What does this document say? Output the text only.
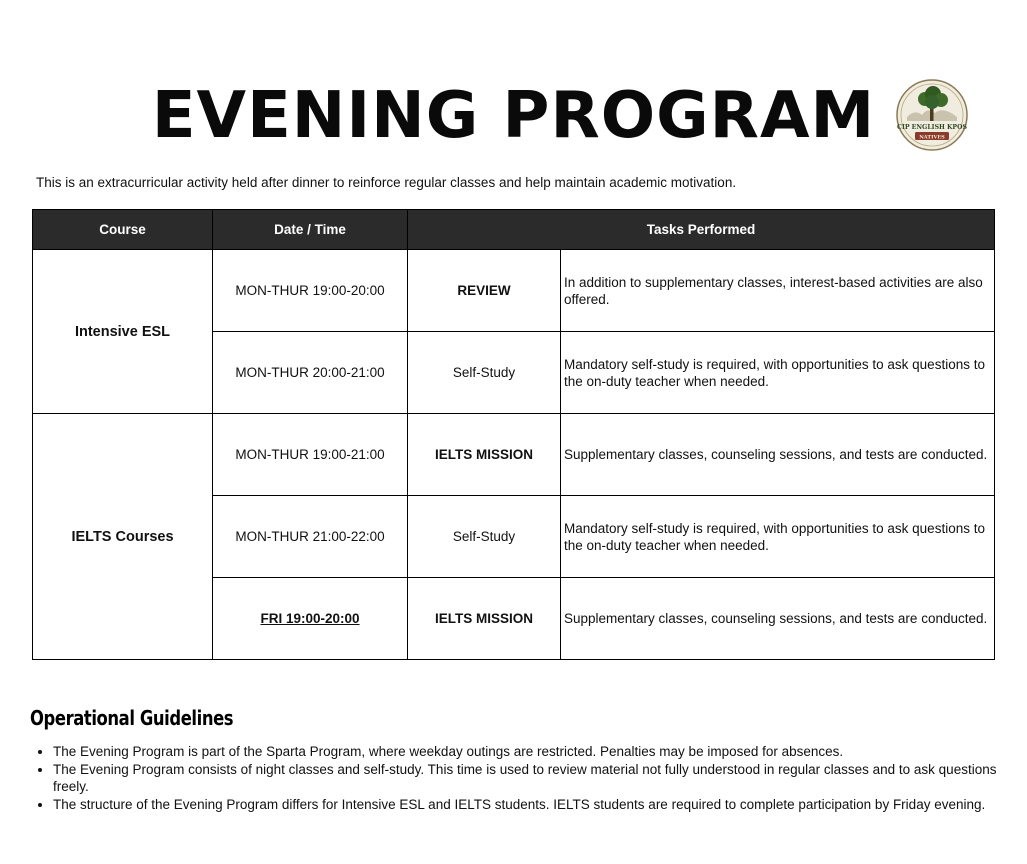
EVENING PROGRAM	CIP ENGLISH KPOS
NATIVES
This is an extracurricular activity held after dinner to reinforce regular classes and help maintain academic motivation.
Course	Date / Time	Tasks Performed	
Intensive ESL	MON-THUR 19:00-20:00	REVIEW	In addition to supplementary classes, interest-based activities are also offered.
	MON-THUR 20:00-21:00	Self-Study	Mandatory self-study is required, with opportunities to ask questions to the on-duty teacher when needed.
IELTS Courses	MON-THUR 19:00-21:00	IELTS MISSION	Supplementary classes, counseling sessions, and tests are conducted.
	MON-THUR 21:00-22:00	Self-Study	Mandatory self-study is required, with opportunities to ask questions to the on-duty teacher when needed.
	FRI 19:00-20:00	IELTS MISSION	Supplementary classes, counseling sessions, and tests are conducted.
Operational Guidelines
• The Evening Program is part of the Sparta Program, where weekday outings are restricted. Penalties may be imposed for absences.
• The Evening Program consists of night classes and self-study. This time is used to review material not fully understood in regular classes and to ask questions freely.
• The structure of the Evening Program differs for Intensive ESL and IELTS students. IELTS students are required to complete participation by Friday evening.
